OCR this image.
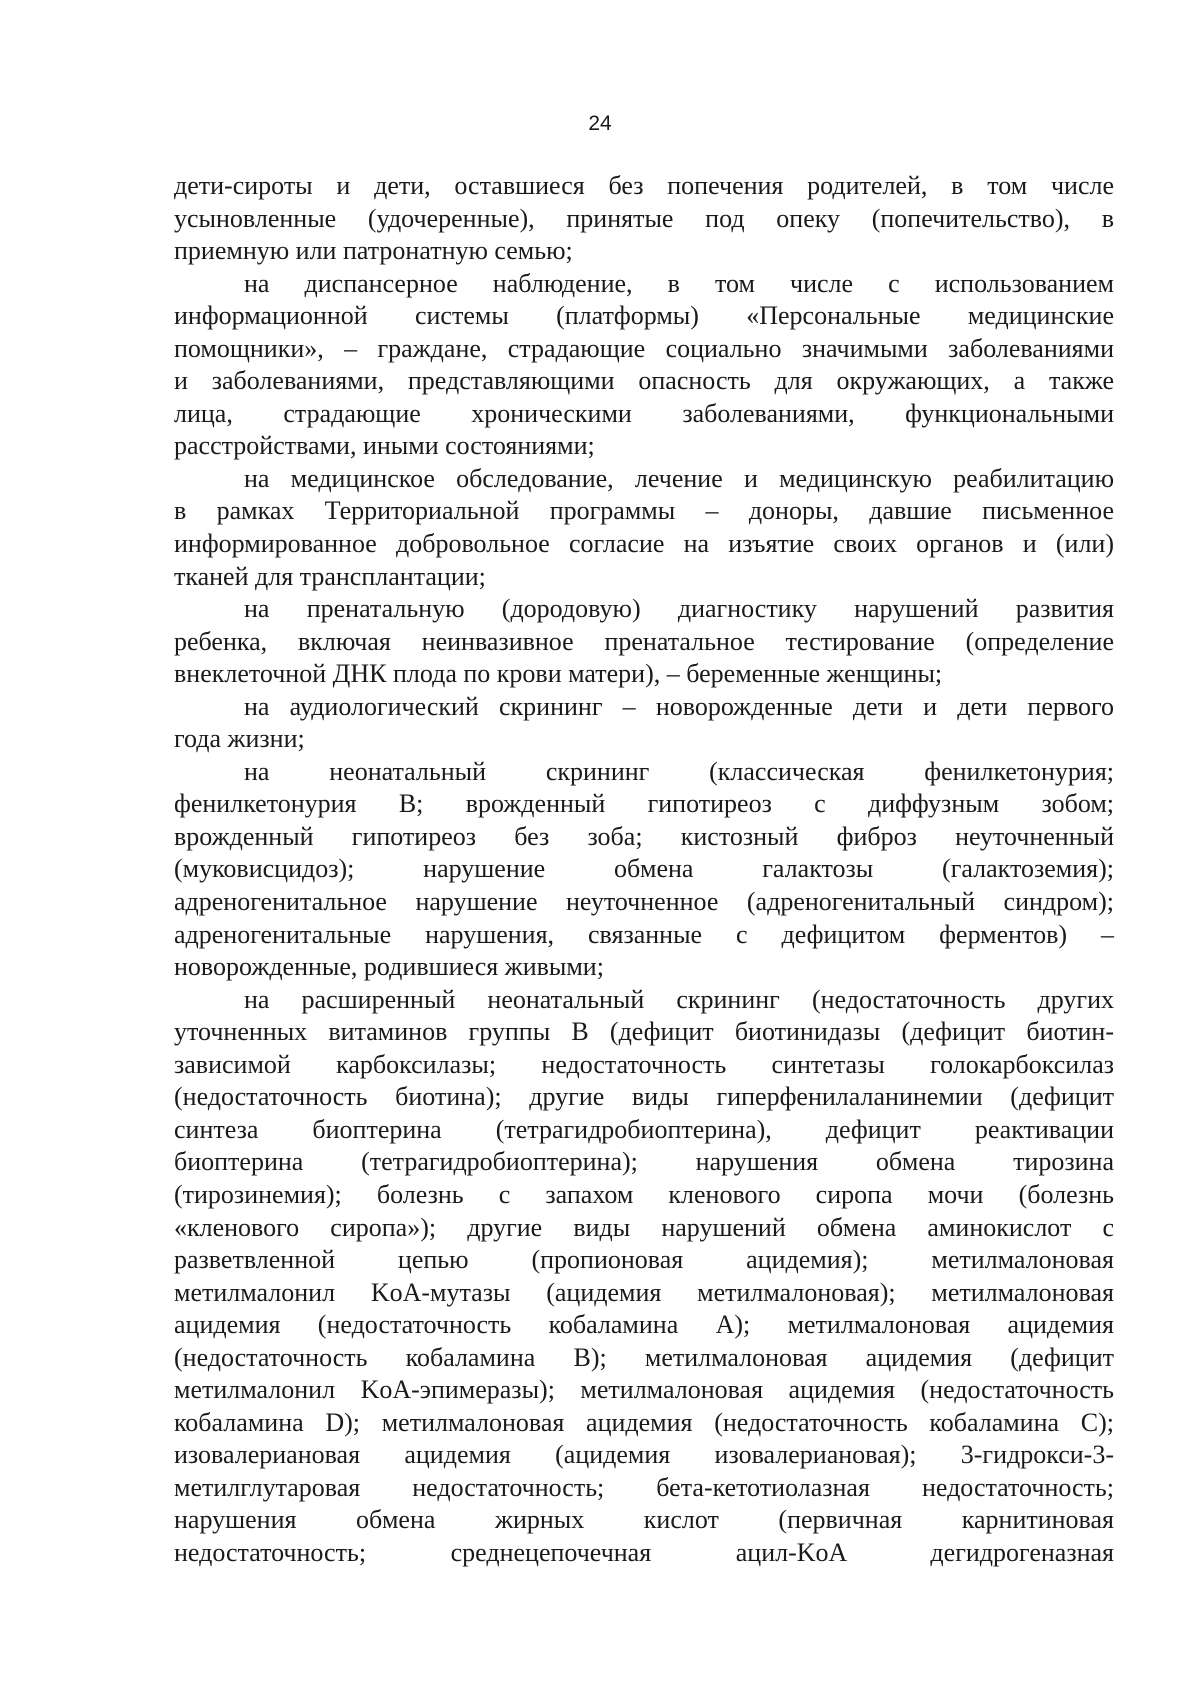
24
дети-сироты и дети, оставшиеся без попечения родителей, в том числе
усыновленные (удочеренные), принятые под опеку (попечительство), в
приемную или патронатную семью;
на диспансерное наблюдение, в том числе с использованием
информационной системы (платформы) «Персональные медицинские
помощники», – граждане, страдающие социально значимыми заболеваниями
и заболеваниями, представляющими опасность для окружающих, а также
лица, страдающие хроническими заболеваниями, функциональными
расстройствами, иными состояниями;
на медицинское обследование, лечение и медицинскую реабилитацию
в рамках Территориальной программы – доноры, давшие письменное
информированное добровольное согласие на изъятие своих органов и (или)
тканей для трансплантации;
на пренатальную (дородовую) диагностику нарушений развития
ребенка, включая неинвазивное пренатальное тестирование (определение
внеклеточной ДНК плода по крови матери), – беременные женщины;
на аудиологический скрининг – новорожденные дети и дети первого
года жизни;
на неонатальный скрининг (классическая фенилкетонурия;
фенилкетонурия B; врожденный гипотиреоз с диффузным зобом;
врожденный гипотиреоз без зоба; кистозный фиброз неуточненный
(муковисцидоз); нарушение обмена галактозы (галактоземия);
адреногенитальное нарушение неуточненное (адреногенитальный синдром);
адреногенитальные нарушения, связанные с дефицитом ферментов) –
новорожденные, родившиеся живыми;
на расширенный неонатальный скрининг (недостаточность других
уточненных витаминов группы B (дефицит биотинидазы (дефицит биотин-
зависимой карбоксилазы; недостаточность синтетазы голокарбоксилаз
(недостаточность биотина); другие виды гиперфенилаланинемии (дефицит
синтеза биоптерина (тетрагидробиоптерина), дефицит реактивации
биоптерина (тетрагидробиоптерина); нарушения обмена тирозина
(тирозинемия); болезнь с запахом кленового сиропа мочи (болезнь
«кленового сиропа»); другие виды нарушений обмена аминокислот с
разветвленной цепью (пропионовая ацидемия); метилмалоновая
метилмалонил KoA-мутазы (ацидемия метилмалоновая); метилмалоновая
ацидемия (недостаточность кобаламина A); метилмалоновая ацидемия
(недостаточность кобаламина B); метилмалоновая ацидемия (дефицит
метилмалонил KoA-эпимеразы); метилмалоновая ацидемия (недостаточность
кобаламина D); метилмалоновая ацидемия (недостаточность кобаламина C);
изовалериановая ацидемия (ацидемия изовалериановая); 3-гидрокси-3-
метилглутаровая недостаточность; бета-кетотиолазная недостаточность;
нарушения обмена жирных кислот (первичная карнитиновая
недостаточность; среднецепочечная ацил-KoA дегидрогеназная
